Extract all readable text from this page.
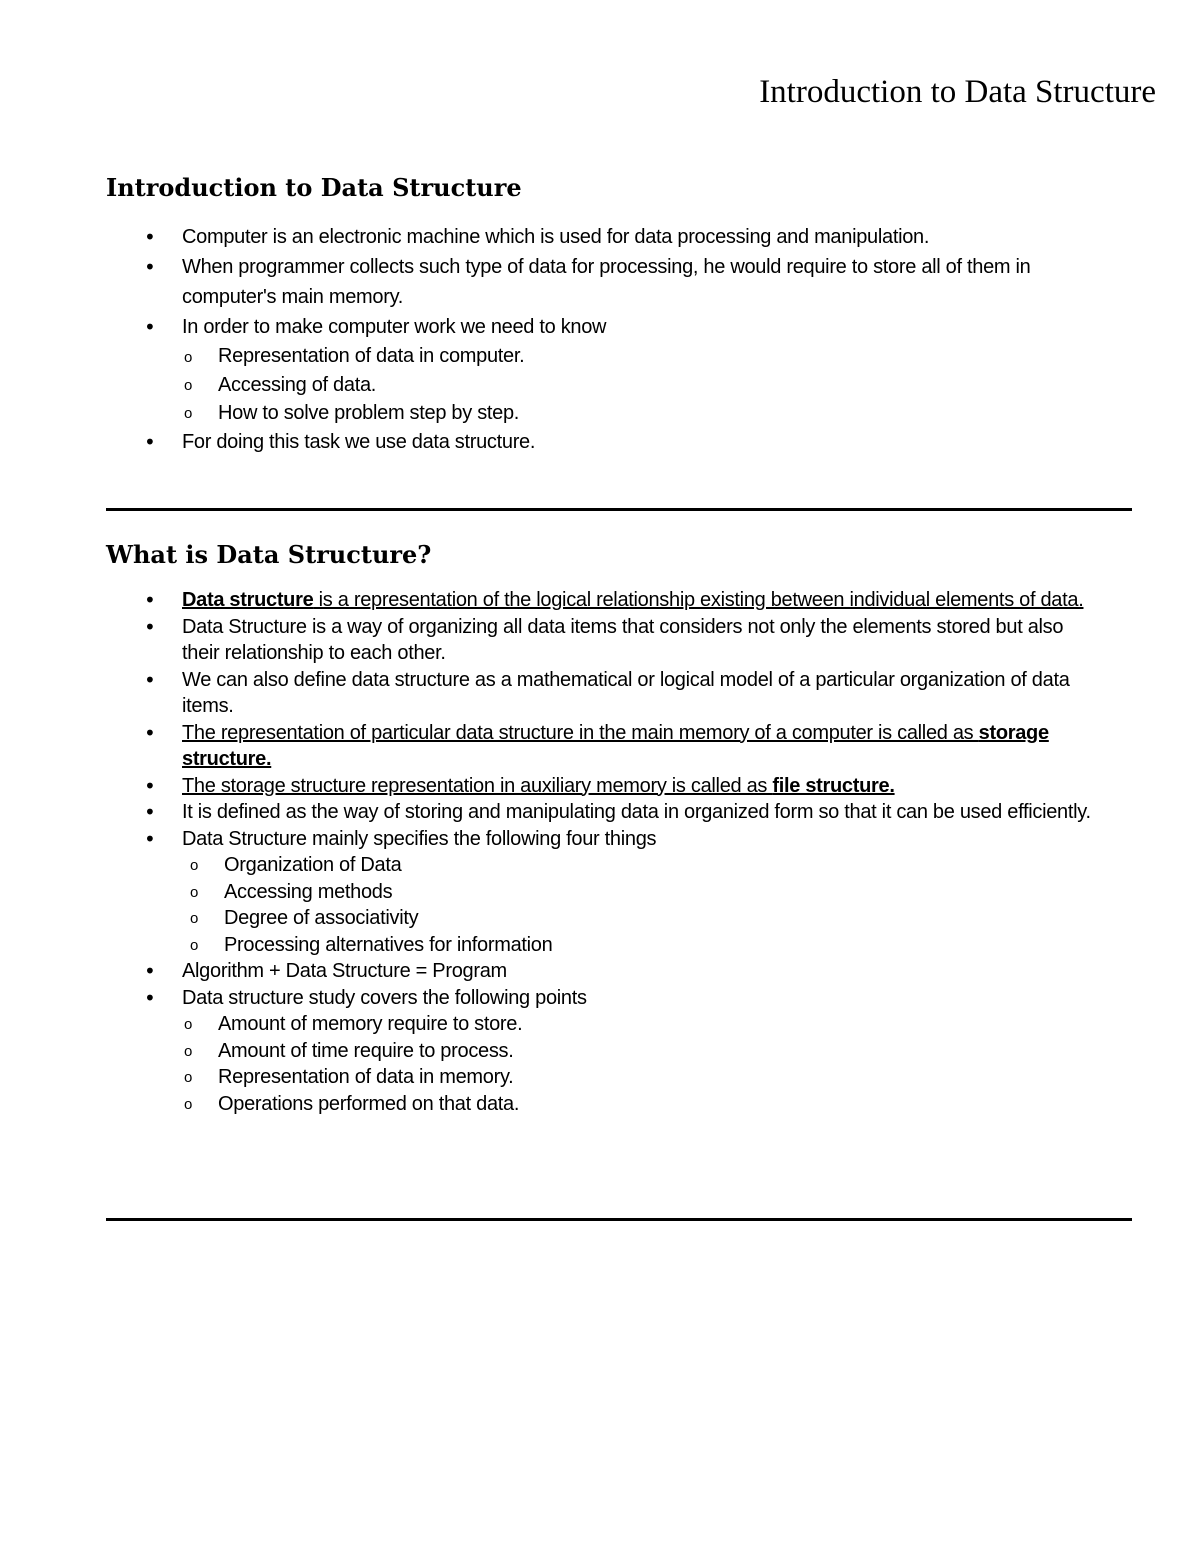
Introduction to Data Structure
Introduction to Data Structure
• Computer is an electronic machine which is used for data processing and manipulation.
• When programmer collects such type of data for processing, he would require to store all of them in computer's main memory.
• In order to make computer work we need to know
o Representation of data in computer.
o Accessing of data.
o How to solve problem step by step.
• For doing this task we use data structure.
What is Data Structure?
• Data structure is a representation of the logical relationship existing between individual elements of data.
• Data Structure is a way of organizing all data items that considers not only the elements stored but also their relationship to each other.
• We can also define data structure as a mathematical or logical model of a particular organization of data items.
• The representation of particular data structure in the main memory of a computer is called as storage structure.
• The storage structure representation in auxiliary memory is called as file structure.
• It is defined as the way of storing and manipulating data in organized form so that it can be used efficiently.
• Data Structure mainly specifies the following four things
o Organization of Data
o Accessing methods
o Degree of associativity
o Processing alternatives for information
• Algorithm + Data Structure = Program
• Data structure study covers the following points
o Amount of memory require to store.
o Amount of time require to process.
o Representation of data in memory.
o Operations performed on that data.
